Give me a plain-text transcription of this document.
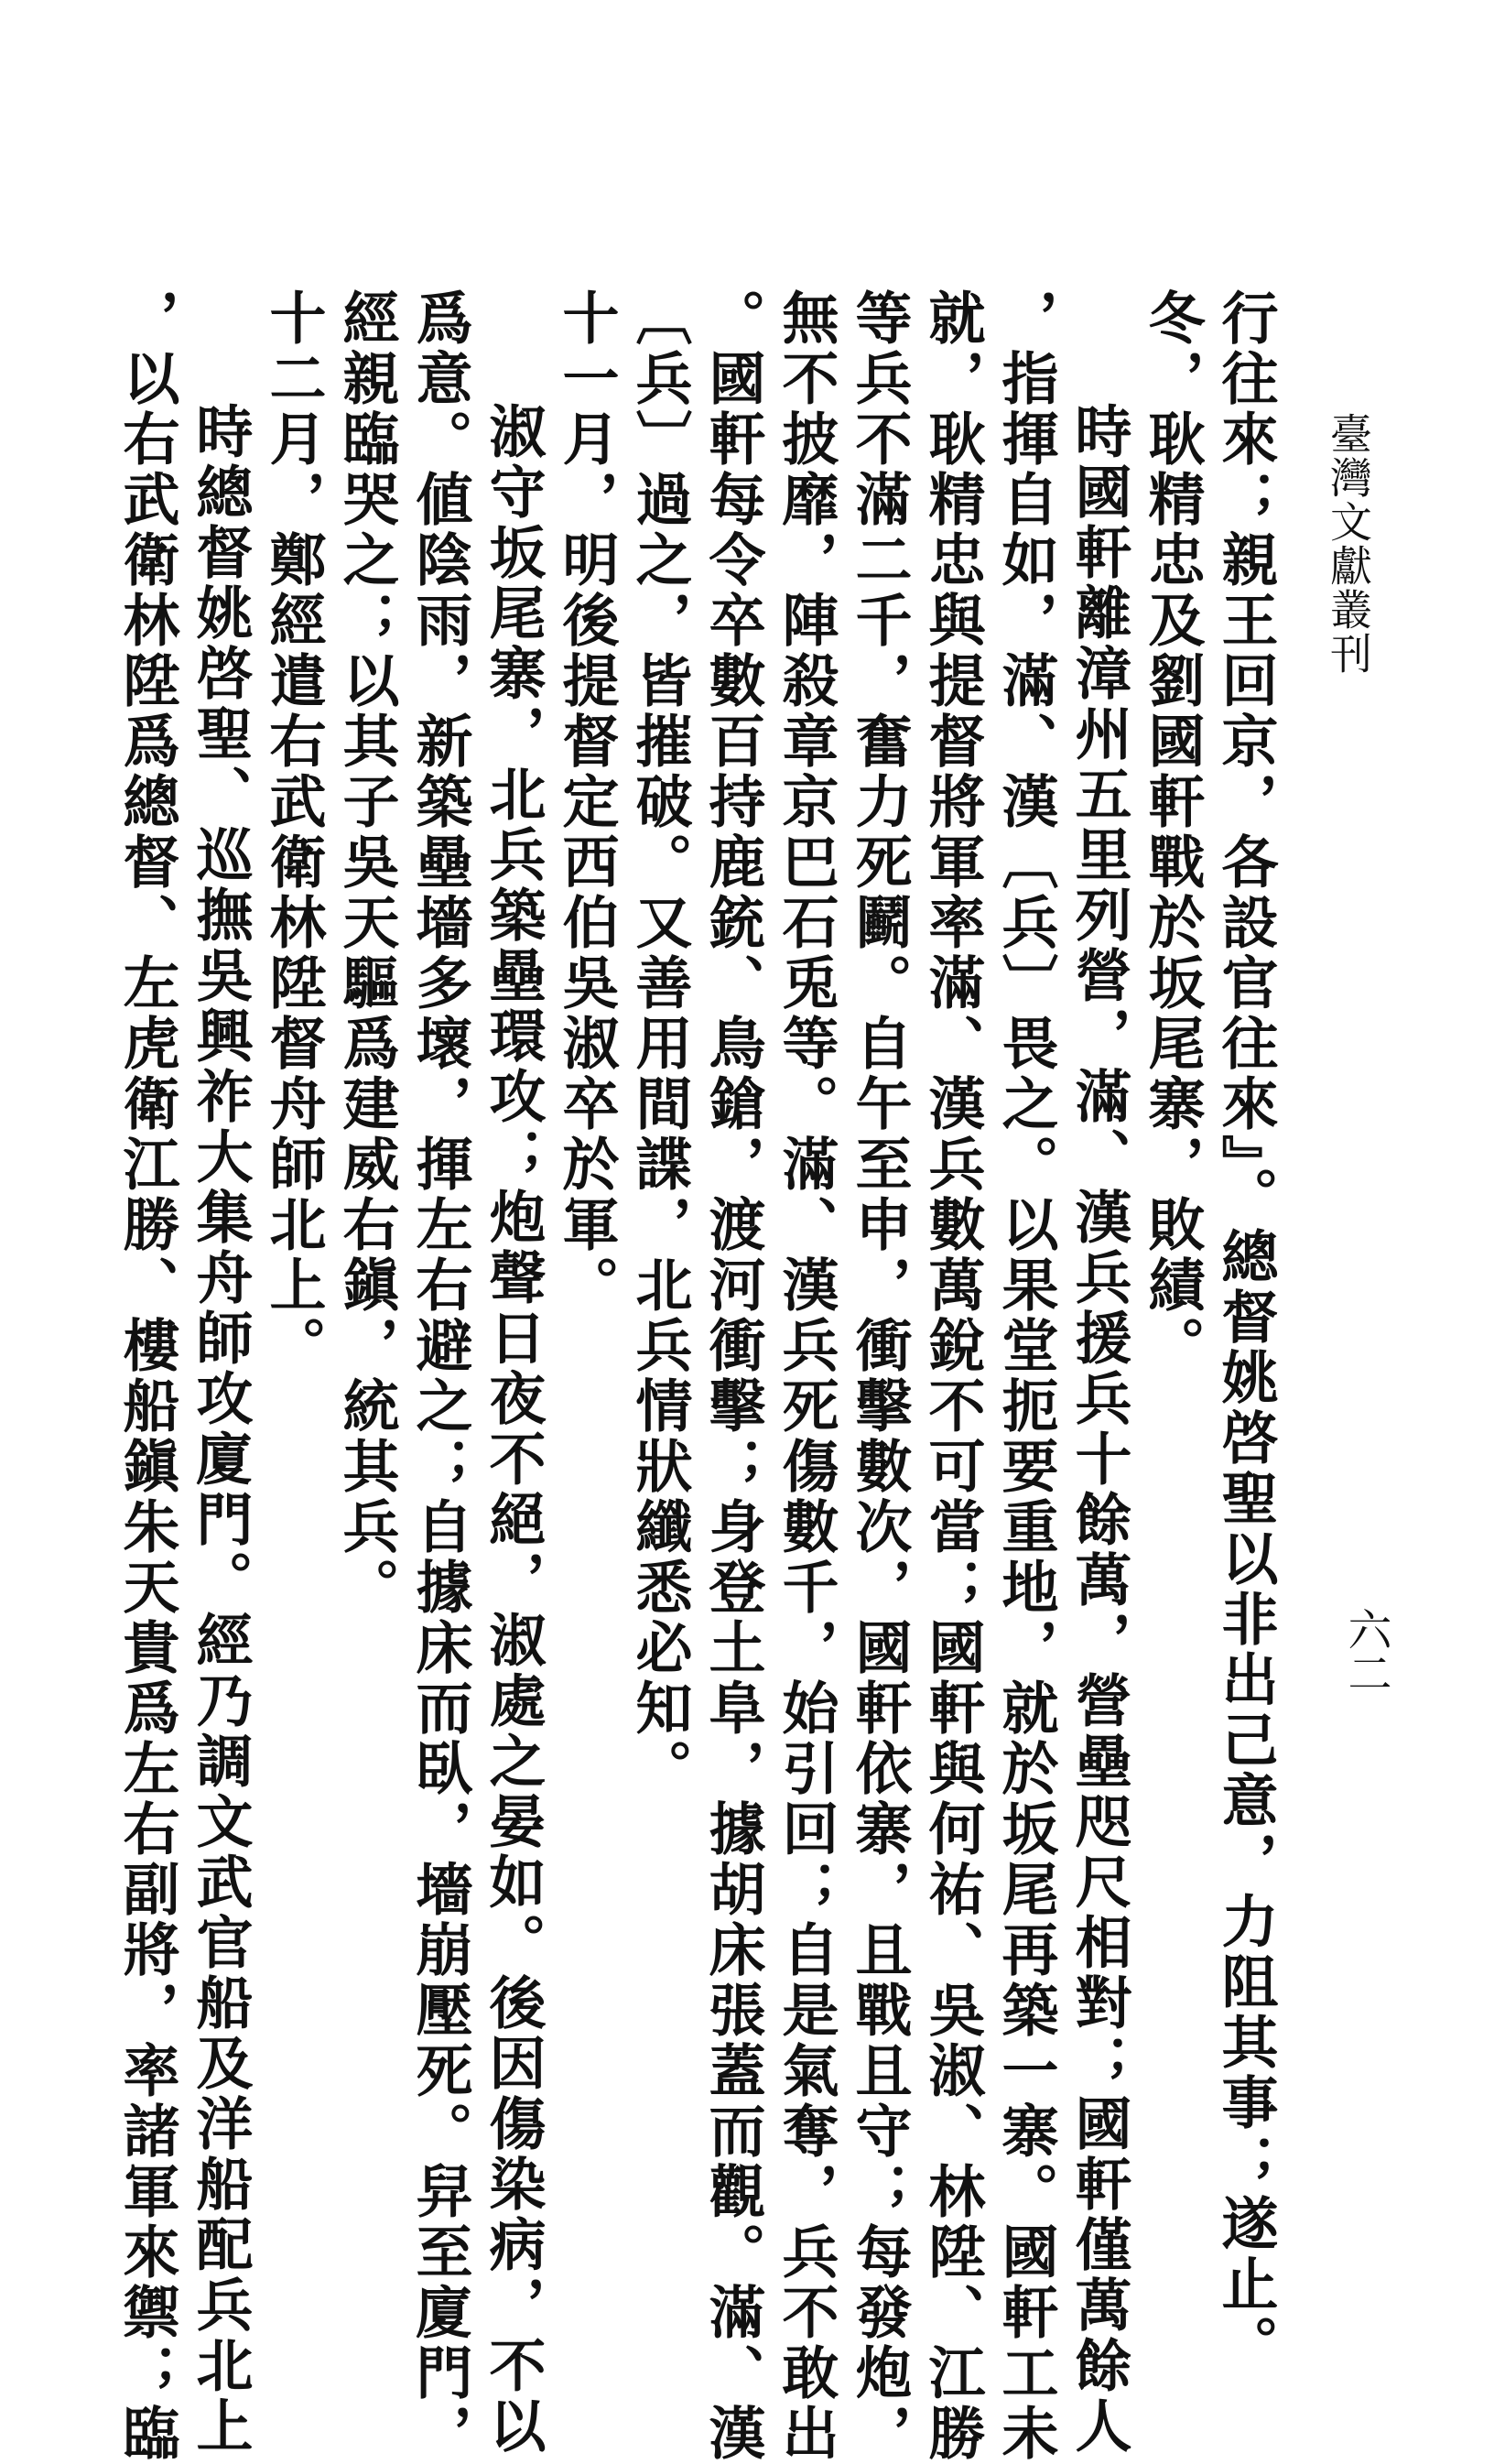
臺灣文獻叢刊
六二
行往來；親王回京，各設官往來』。總督姚啓聖以非出己意，力阻其事；遂止。
冬，耿精忠及劉國軒戰於坂尾寨，敗績。
時國軒離漳州五里列營，滿、漢兵援兵十餘萬，營壘咫尺相對；國軒僅萬餘人
，指揮自如，滿、漢〔兵〕畏之。以果堂扼要重地，就於坂尾再築一寨。國軒工未
就，耿精忠與提督將軍率滿、漢兵數萬銳不可當；國軒與何祐、吳淑、林陞、江勝
等兵不滿二千，奮力死鬬。自午至申，衝擊數次，國軒依寨，且戰且守；每發炮，
無不披靡，陣殺章京巴石兎等。滿、漢兵死傷數千，始引回；自是氣奪，兵不敢出
。國軒每令卒數百持鹿銃、鳥鎗，渡河衝擊；身登土阜，據胡床張蓋而觀。滿、漢
〔兵〕過之，皆摧破。又善用間諜，北兵情狀纖悉必知。
十一月，明後提督定西伯吳淑卒於軍。
淑守坂尾寨，北兵築壘環攻；炮聲日夜不絕，淑處之晏如。後因傷染病，不以
爲意。値陰雨，新築壘墻多壞，揮左右避之；自據床而臥，墻崩壓死。舁至廈門，
經親臨哭之；以其子吳天驅爲建威右鎭，統其兵。
十二月，鄭經遣右武衛林陞督舟師北上。
時總督姚啓聖、巡撫吳興祚大集舟師攻廈門。經乃調文武官船及洋船配兵北上
，以右武衛林陞爲總督、左虎衛江勝、樓船鎭朱天貴爲左右副將，率諸軍來禦；臨
